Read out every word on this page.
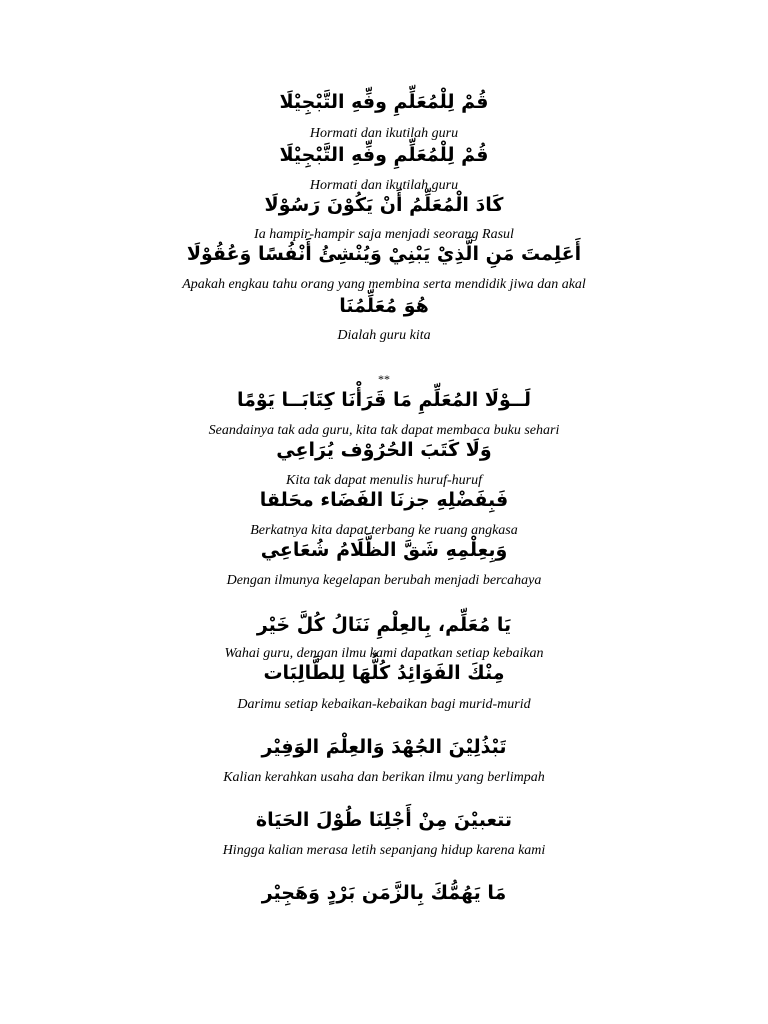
قُمْ لِلْمُعَلِّمِ وفِّهِ التَّبْجِيْلَا
Hormati dan ikutilah guru
قُمْ لِلْمُعَلِّمِ وفِّهِ التَّبْجِيْلَا
Hormati dan ikutilah guru
كَادَ الْمُعَلِّمُ أَنْ يَكُوْنَ رَسُوْلَا
Ia hampir-hampir saja menjadi seorang Rasul
أَعَلِمتَ مَنِ الَّذِيْ يَبْنِيْ وَيُنْشِئُ أَنْفُسًا وَعُقُوْلَا
Apakah engkau tahu orang yang membina serta mendidik jiwa dan akal
هُوَ مُعَلِّمُنَا
Dialah guru kita
**
لَــوْلَا المُعَلِّمِ مَا قَرَأْنَا كِتَابَــا يَوْمًا
Seandainya tak ada guru, kita tak dapat membaca buku sehari
وَلَا كَتَبَ الحُرُوْف يُرَاعِي
Kita tak dapat menulis huruf-huruf
فَبِفَضْلِهِ جزنَا الفَضَاء محَلقا
Berkatnya kita dapat terbang ke ruang angkasa
وَبِعِلْمِهِ شَقَّ الظَّلَامُ شُعَاعِي
Dengan ilmunya kegelapan berubah menjadi bercahaya
يَا مُعَلِّم، بِالعِلْمِ نَنَالُ كُلَّ خَيْر
Wahai guru, dengan ilmu kami dapatkan setiap kebaikan
مِنْكَ الفَوَائِدُ كُلُّهَا لِلطَّالِبَات
Darimu setiap kebaikan-kebaikan bagi murid-murid
تَبْذُلِيْنَ الجُهْدَ وَالعِلْمَ الوَفِيْر
Kalian kerahkan usaha dan berikan ilmu yang berlimpah
تتعبيْنَ مِنْ أَجْلِنَا طُوْلَ الحَيَاة
Hingga kalian merasa letih sepanjang hidup karena kami
مَا يَهُمُّكَ بِالزَّمَن بَرْدٍ وَهَجِيْر
